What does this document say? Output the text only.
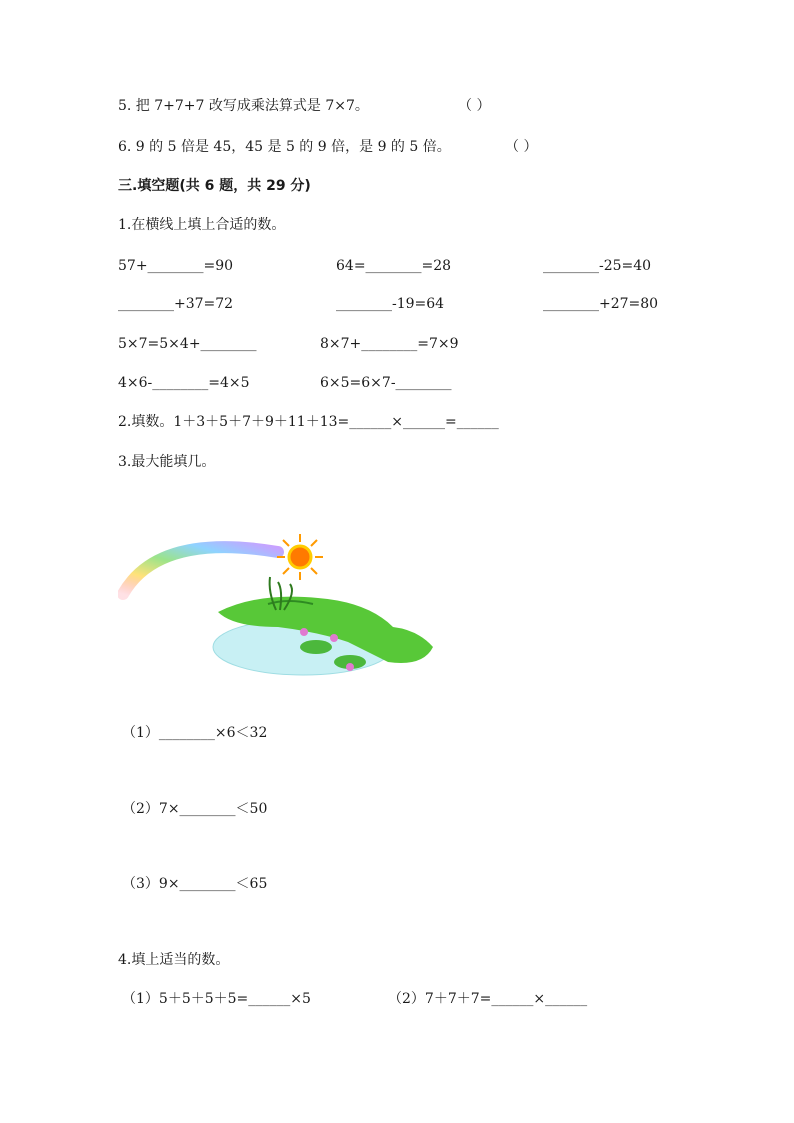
5. 把 7+7+7 改写成乘法算式是 7×7。	（ ）
6. 9 的 5 倍是 45，45 是 5 的 9 倍，是 9 的 5 倍。	（ ）
三.填空题(共 6 题，共 29 分)
1.在横线上填上合适的数。
57+________=90	64=________=28	________-25=40
________+37=72	________-19=64	________+27=80
5×7=5×4+________	8×7+________=7×9
4×6-________=4×5	6×5=6×7-________
2.填数。1＋3＋5＋7＋9＋11＋13=______×______=______
3.最大能填几。
（1）________×6＜32
（2）7×________＜50
（3）9×________＜65
4.填上适当的数。
（1）5＋5＋5＋5=______×5	（2）7＋7＋7=______×______
